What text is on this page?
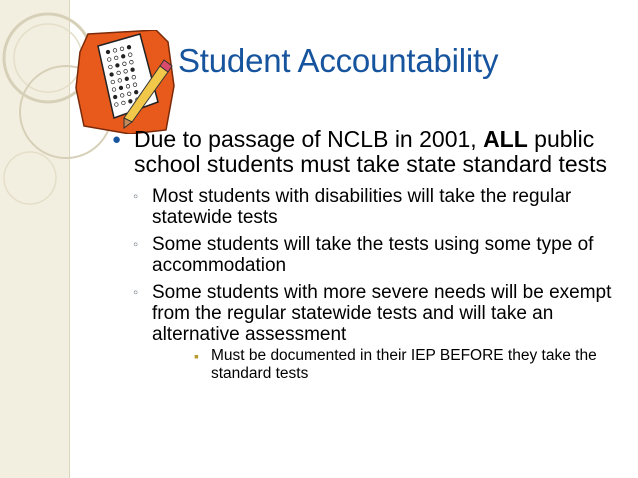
Student Accountability
● Due to passage of NCLB in 2001, ALL public school students must take state standard tests
◦ Most students with disabilities will take the regular statewide tests
◦ Some students will take the tests using some type of accommodation
◦ Some students with more severe needs will be exempt from the regular statewide tests and will take an alternative assessment
▪ Must be documented in their IEP BEFORE they take the standard tests
